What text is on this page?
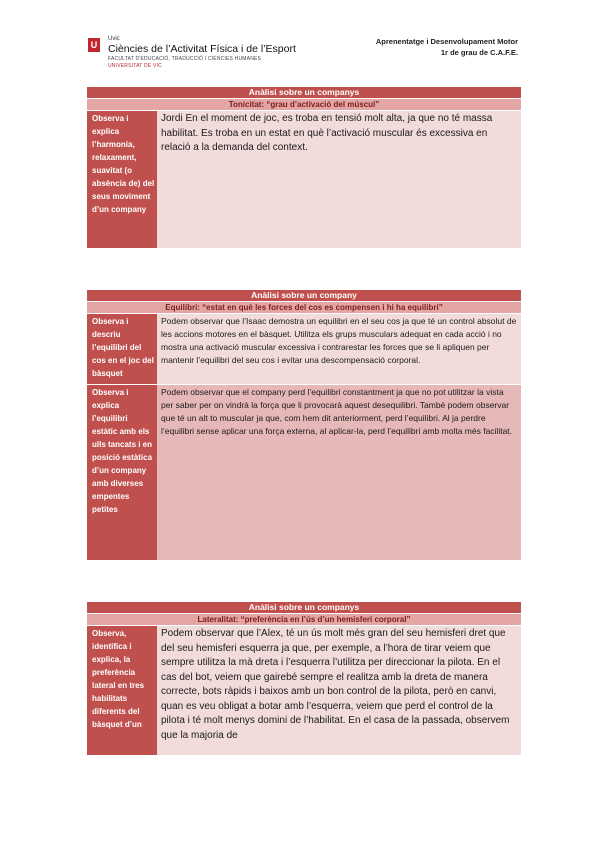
U
Uvic
Ciències de l’Activitat Física i de l’Esport
FACULTAT D'EDUCACIÓ, TRADUCCIÓ I CIÈNCIES HUMANES
UNIVERSITAT DE VIC
Aprenentatge i Desenvolupament Motor
1r de grau de C.A.F.E.
Anàlisi sobre un companys
Tonicitat: “grau d’activació del múscul”
Observa i explica l’harmonia, relaxament, suavitat (o absència de) del seus moviment d’un company
Jordi En el moment de joc, es troba en tensió molt alta, ja que no té massa habilitat. Es troba en un estat en què l’activació muscular és excessiva en relació a la demanda del context.
Anàlisi sobre un company
Equilibri: “estat en què les forces del cos es compensen i hi ha equilibri”
Observa i descriu l’equilibri del cos en el joc del bàsquet
Podem observar que l’Isaac demostra un equilibri en el seu cos ja que té un control absolut de les accions motores en el bàsquet. Utilitza els grups musculars adequat en cada acció i no mostra una activació muscular excessiva i contrarestar les forces que se li apliquen per mantenir l’equilibri del seu cos i evitar una descompensació corporal.
Observa i explica l’equilibri estàtic amb els ulls tancats i en posició estàtica d’un company amb diverses empentes petites
Podem observar que el company perd l’equilibri constantment ja que no pot utilitzar la vista per saber per on vindrà la força que li provocarà aquest desequilibri. També podem observar que té un alt to muscular ja que, com hem dit anteriorment, perd l’equilibri. Al ja perdre l’equilibri sense aplicar una força externa, al aplicar-la, perd l’equilibri amb molta més facilitat.
Anàlisi sobre un companys
Lateralitat: “preferència en l’ús d’un hemisferi corporal”
Observa, identifica i explica, la preferència lateral en tres habilitats diferents del bàsquet d’un
Podem observar que l’Alex, té un ús molt més gran del seu hemisferi dret que del seu hemisferi esquerra ja que, per exemple, a l’hora de tirar veiem que sempre utilitza la mà dreta i l’esquerra l’utilitza per direccionar la pilota. En el cas del bot, veiem que gairebé sempre el realitza amb la dreta de manera correcte, bots ràpids i baixos amb un bon control de la pilota, però en canvi, quan es veu obligat a botar amb l’esquerra, veiem que perd el control de la pilota i té molt menys domini de l’habilitat. En el casa de la passada, observem que la majoria de
